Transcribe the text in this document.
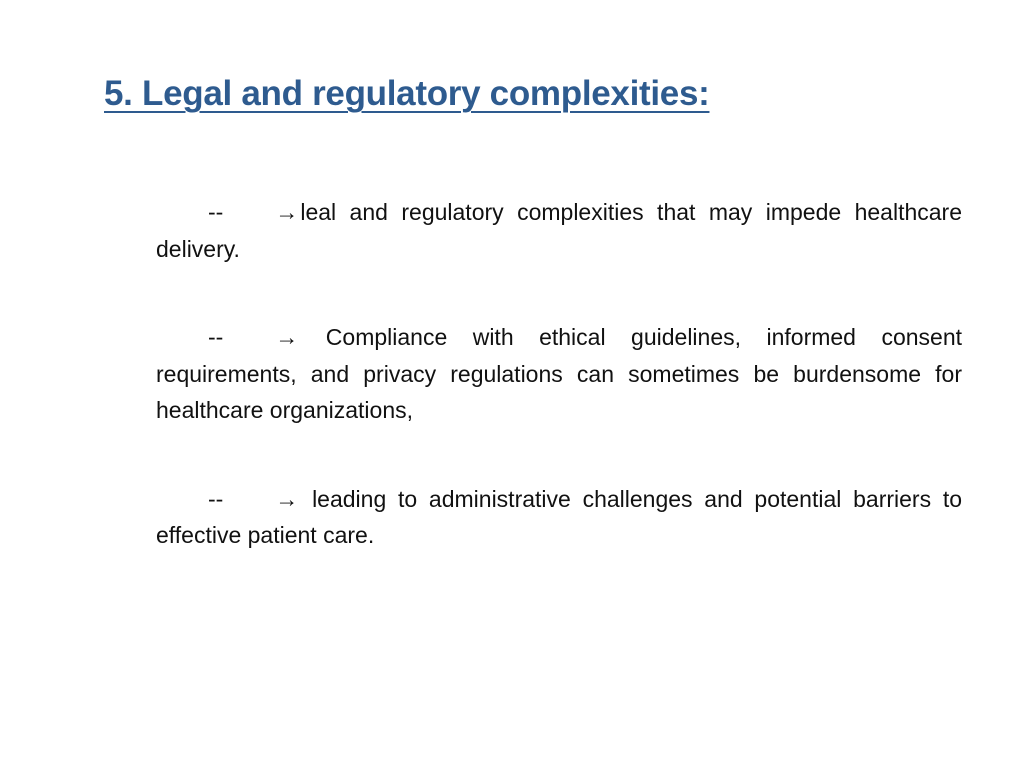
5. Legal and regulatory complexities:

-- →leal and regulatory complexities that may impede healthcare delivery.

-- → Compliance with ethical guidelines, informed consent requirements, and privacy regulations can sometimes be burdensome for healthcare organizations,

-- → leading to administrative challenges and potential barriers to effective patient care.
